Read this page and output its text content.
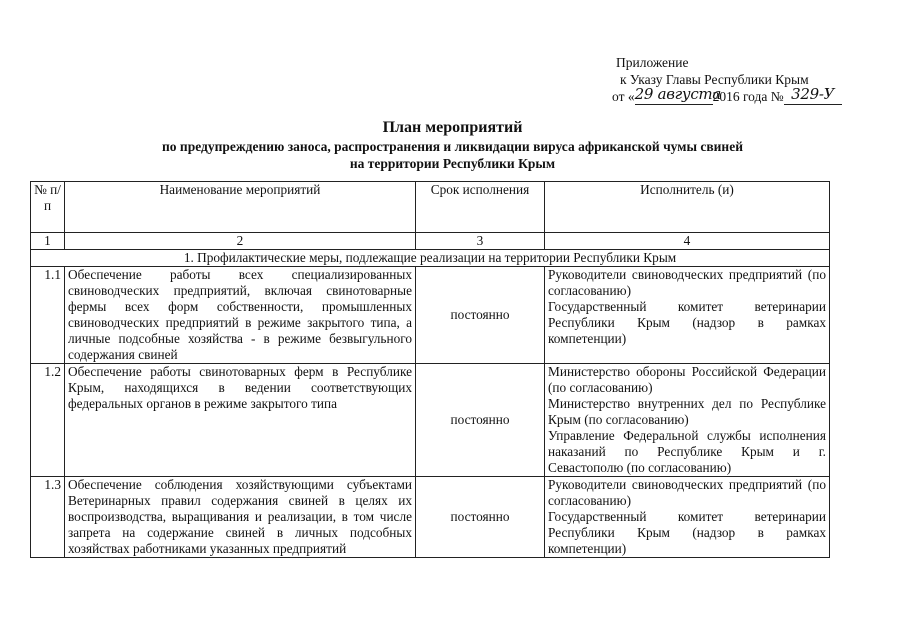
Приложение
к Указу Главы Республики Крым
от «29 августа2016 года № 329-У
План мероприятий
по предупреждению заноса, распространения и ликвидации вируса африканской чумы свиней
на территории Республики Крым
№ п/п	Наименование мероприятий	Срок исполнения	Исполнитель (и)
1	2	3	4
1. Профилактические меры, подлежащие реализации на территории Республики Крым			
1.1	Обеспечение работы всех специализированных свиноводческих предприятий, включая свинотоварные фермы всех форм собственности, промышленных свиноводческих предприятий в режиме закрытого типа, а личные подсобные хозяйства - в режиме безвыгульного содержания свиней	постоянно	Руководители свиноводческих предприятий (по согласованию)
Государственный комитет ветеринарии Республики Крым (надзор в рамках компетенции)

1.2	Обеспечение работы свинотоварных ферм в Республике Крым, находящихся в ведении соответствующих федеральных органов в режиме закрытого типа	постоянно	Министерство обороны Российской Федерации (по согласованию)
Министерство внутренних дел по Республике Крым (по согласованию)
Управление Федеральной службы исполнения наказаний по Республике Крым и г. Севастополю (по согласованию)

1.3	Обеспечение соблюдения хозяйствующими субъектами Ветеринарных правил содержания свиней в целях их воспроизводства, выращивания и реализации, в том числе запрета на содержание свиней в личных подсобных хозяйствах работниками указанных предприятий	постоянно	Руководители свиноводческих предприятий (по согласованию)
Государственный комитет ветеринарии Республики Крым (надзор в рамках компетенции)
